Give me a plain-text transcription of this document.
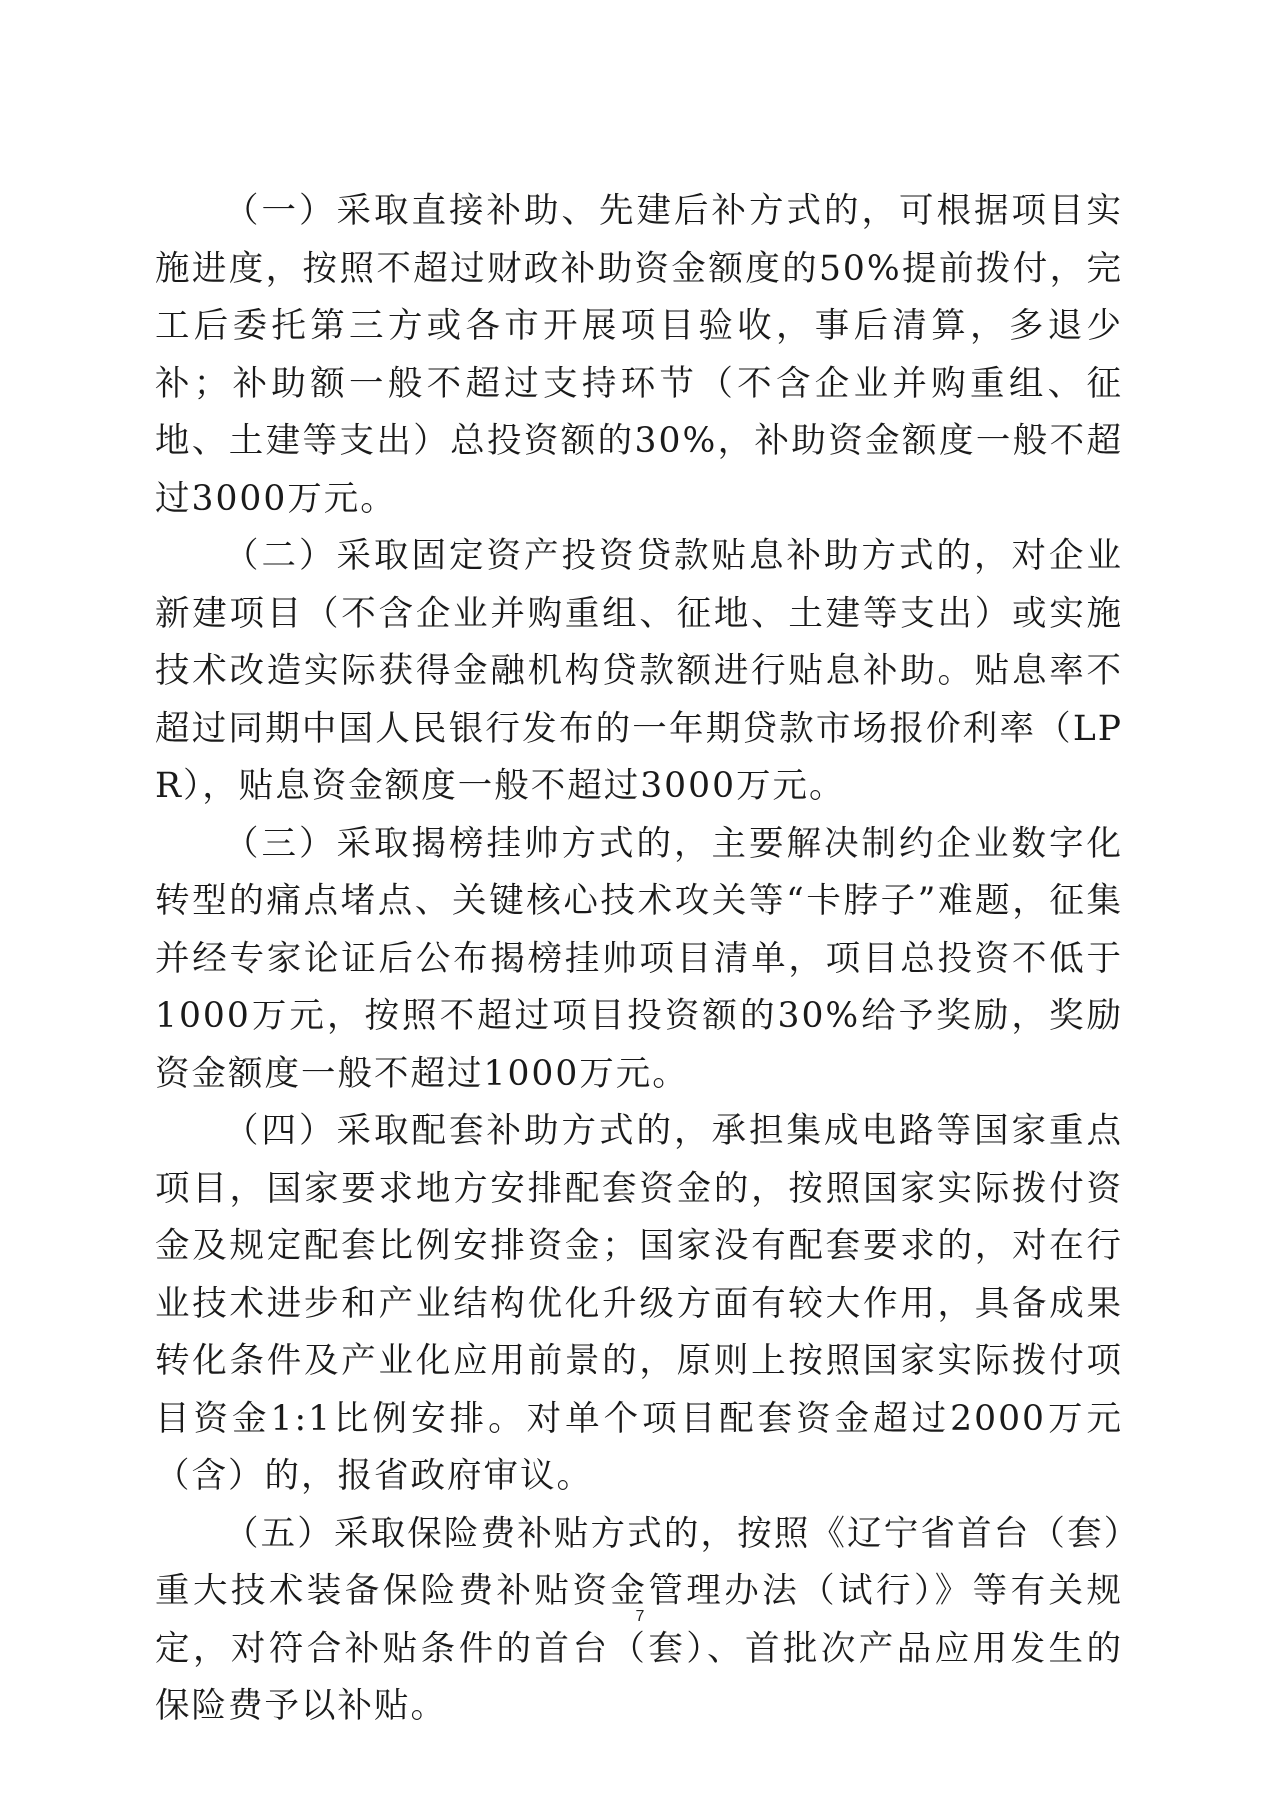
（一）采取直接补助、先建后补方式的，可根据项目实施进度，按照不超过财政补助资金额度的50%提前拨付，完工后委托第三方或各市开展项目验收，事后清算，多退少补；补助额一般不超过支持环节（不含企业并购重组、征地、土建等支出）总投资额的30%，补助资金额度一般不超过3000万元。

（二）采取固定资产投资贷款贴息补助方式的，对企业新建项目（不含企业并购重组、征地、土建等支出）或实施技术改造实际获得金融机构贷款额进行贴息补助。贴息率不超过同期中国人民银行发布的一年期贷款市场报价利率（LPR），贴息资金额度一般不超过3000万元。

（三）采取揭榜挂帅方式的，主要解决制约企业数字化转型的痛点堵点、关键核心技术攻关等“卡脖子”难题，征集并经专家论证后公布揭榜挂帅项目清单，项目总投资不低于1000万元，按照不超过项目投资额的30%给予奖励，奖励资金额度一般不超过1000万元。

（四）采取配套补助方式的，承担集成电路等国家重点项目，国家要求地方安排配套资金的，按照国家实际拨付资金及规定配套比例安排资金；国家没有配套要求的，对在行业技术进步和产业结构优化升级方面有较大作用，具备成果转化条件及产业化应用前景的，原则上按照国家实际拨付项目资金1:1比例安排。对单个项目配套资金超过2000万元（含）的，报省政府审议。

（五）采取保险费补贴方式的，按照《辽宁省首台（套）重大技术装备保险费补贴资金管理办法（试行）》等有关规定，对符合补贴条件的首台（套）、首批次产品应用发生的保险费予以补贴。

7
